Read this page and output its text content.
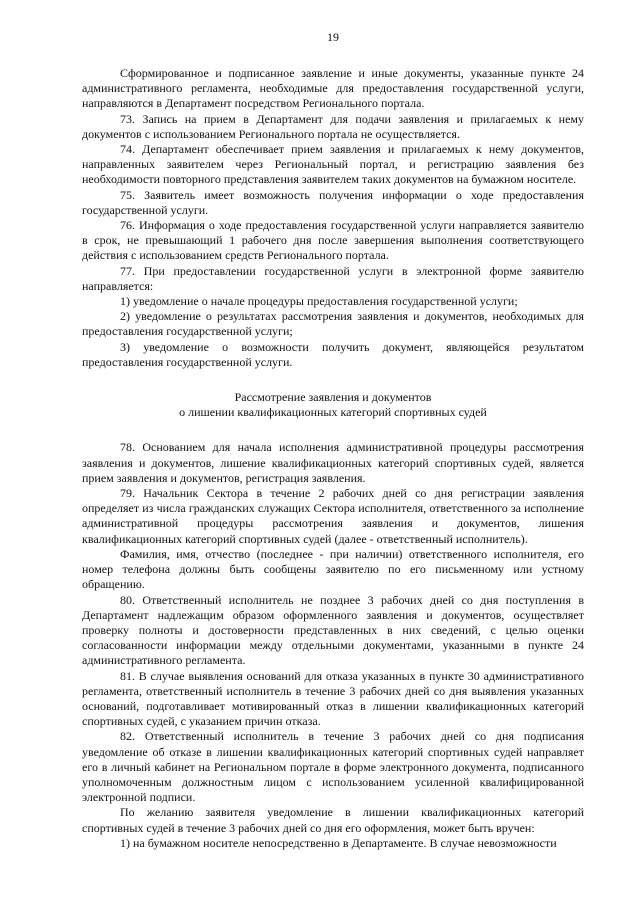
19

Сформированное и подписанное заявление и иные документы, указанные пункте 24 административного регламента, необходимые для предоставления государственной услуги, направляются в Департамент посредством Регионального портала.

73. Запись на прием в Департамент для подачи заявления и прилагаемых к нему документов с использованием Регионального портала не осуществляется.

74. Департамент обеспечивает прием заявления и прилагаемых к нему документов, направленных заявителем через Региональный портал, и регистрацию заявления без необходимости повторного представления заявителем таких документов на бумажном носителе.

75. Заявитель имеет возможность получения информации о ходе предоставления государственной услуги.

76. Информация о ходе предоставления государственной услуги направляется заявителю в срок, не превышающий 1 рабочего дня после завершения выполнения соответствующего действия с использованием средств Регионального портала.

77. При предоставлении государственной услуги в электронной форме заявителю направляется:

1) уведомление о начале процедуры предоставления государственной услуги;

2) уведомление о результатах рассмотрения заявления и документов, необходимых для предоставления государственной услуги;

3) уведомление о возможности получить документ, являющейся результатом предоставления государственной услуги.

Рассмотрение заявления и документов

о лишении квалификационных категорий спортивных судей

78. Основанием для начала исполнения административной процедуры рассмотрения заявления и документов, лишение квалификационных категорий спортивных судей, является прием заявления и документов, регистрация заявления.

79. Начальник Сектора в течение 2 рабочих дней со дня регистрации заявления определяет из числа гражданских служащих Сектора исполнителя, ответственного за исполнение административной процедуры рассмотрения заявления и документов, лишения квалификационных категорий спортивных судей (далее - ответственный исполнитель).

Фамилия, имя, отчество (последнее - при наличии) ответственного исполнителя, его номер телефона должны быть сообщены заявителю по его письменному или устному обращению.

80. Ответственный исполнитель не позднее 3 рабочих дней со дня поступления в Департамент надлежащим образом оформленного заявления и документов, осуществляет проверку полноты и достоверности представленных в них сведений, с целью оценки согласованности информации между отдельными документами, указанными в пункте 24 административного регламента.

81. В случае выявления оснований для отказа указанных в пункте 30 административного регламента, ответственный исполнитель в течение 3 рабочих дней со дня выявления указанных оснований, подготавливает мотивированный отказ в лишении квалификационных категорий спортивных судей, с указанием причин отказа.

82. Ответственный исполнитель в течение 3 рабочих дней со дня подписания уведомление об отказе в лишении квалификационных категорий спортивных судей направляет его в личный кабинет на Региональном портале в форме электронного документа, подписанного уполномоченным должностным лицом с использованием усиленной квалифицированной электронной подписи.

По желанию заявителя уведомление в лишении квалификационных категорий спортивных судей в течение 3 рабочих дней со дня его оформления, может быть вручен:

1) на бумажном носителе непосредственно в Департаменте. В случае невозможности
